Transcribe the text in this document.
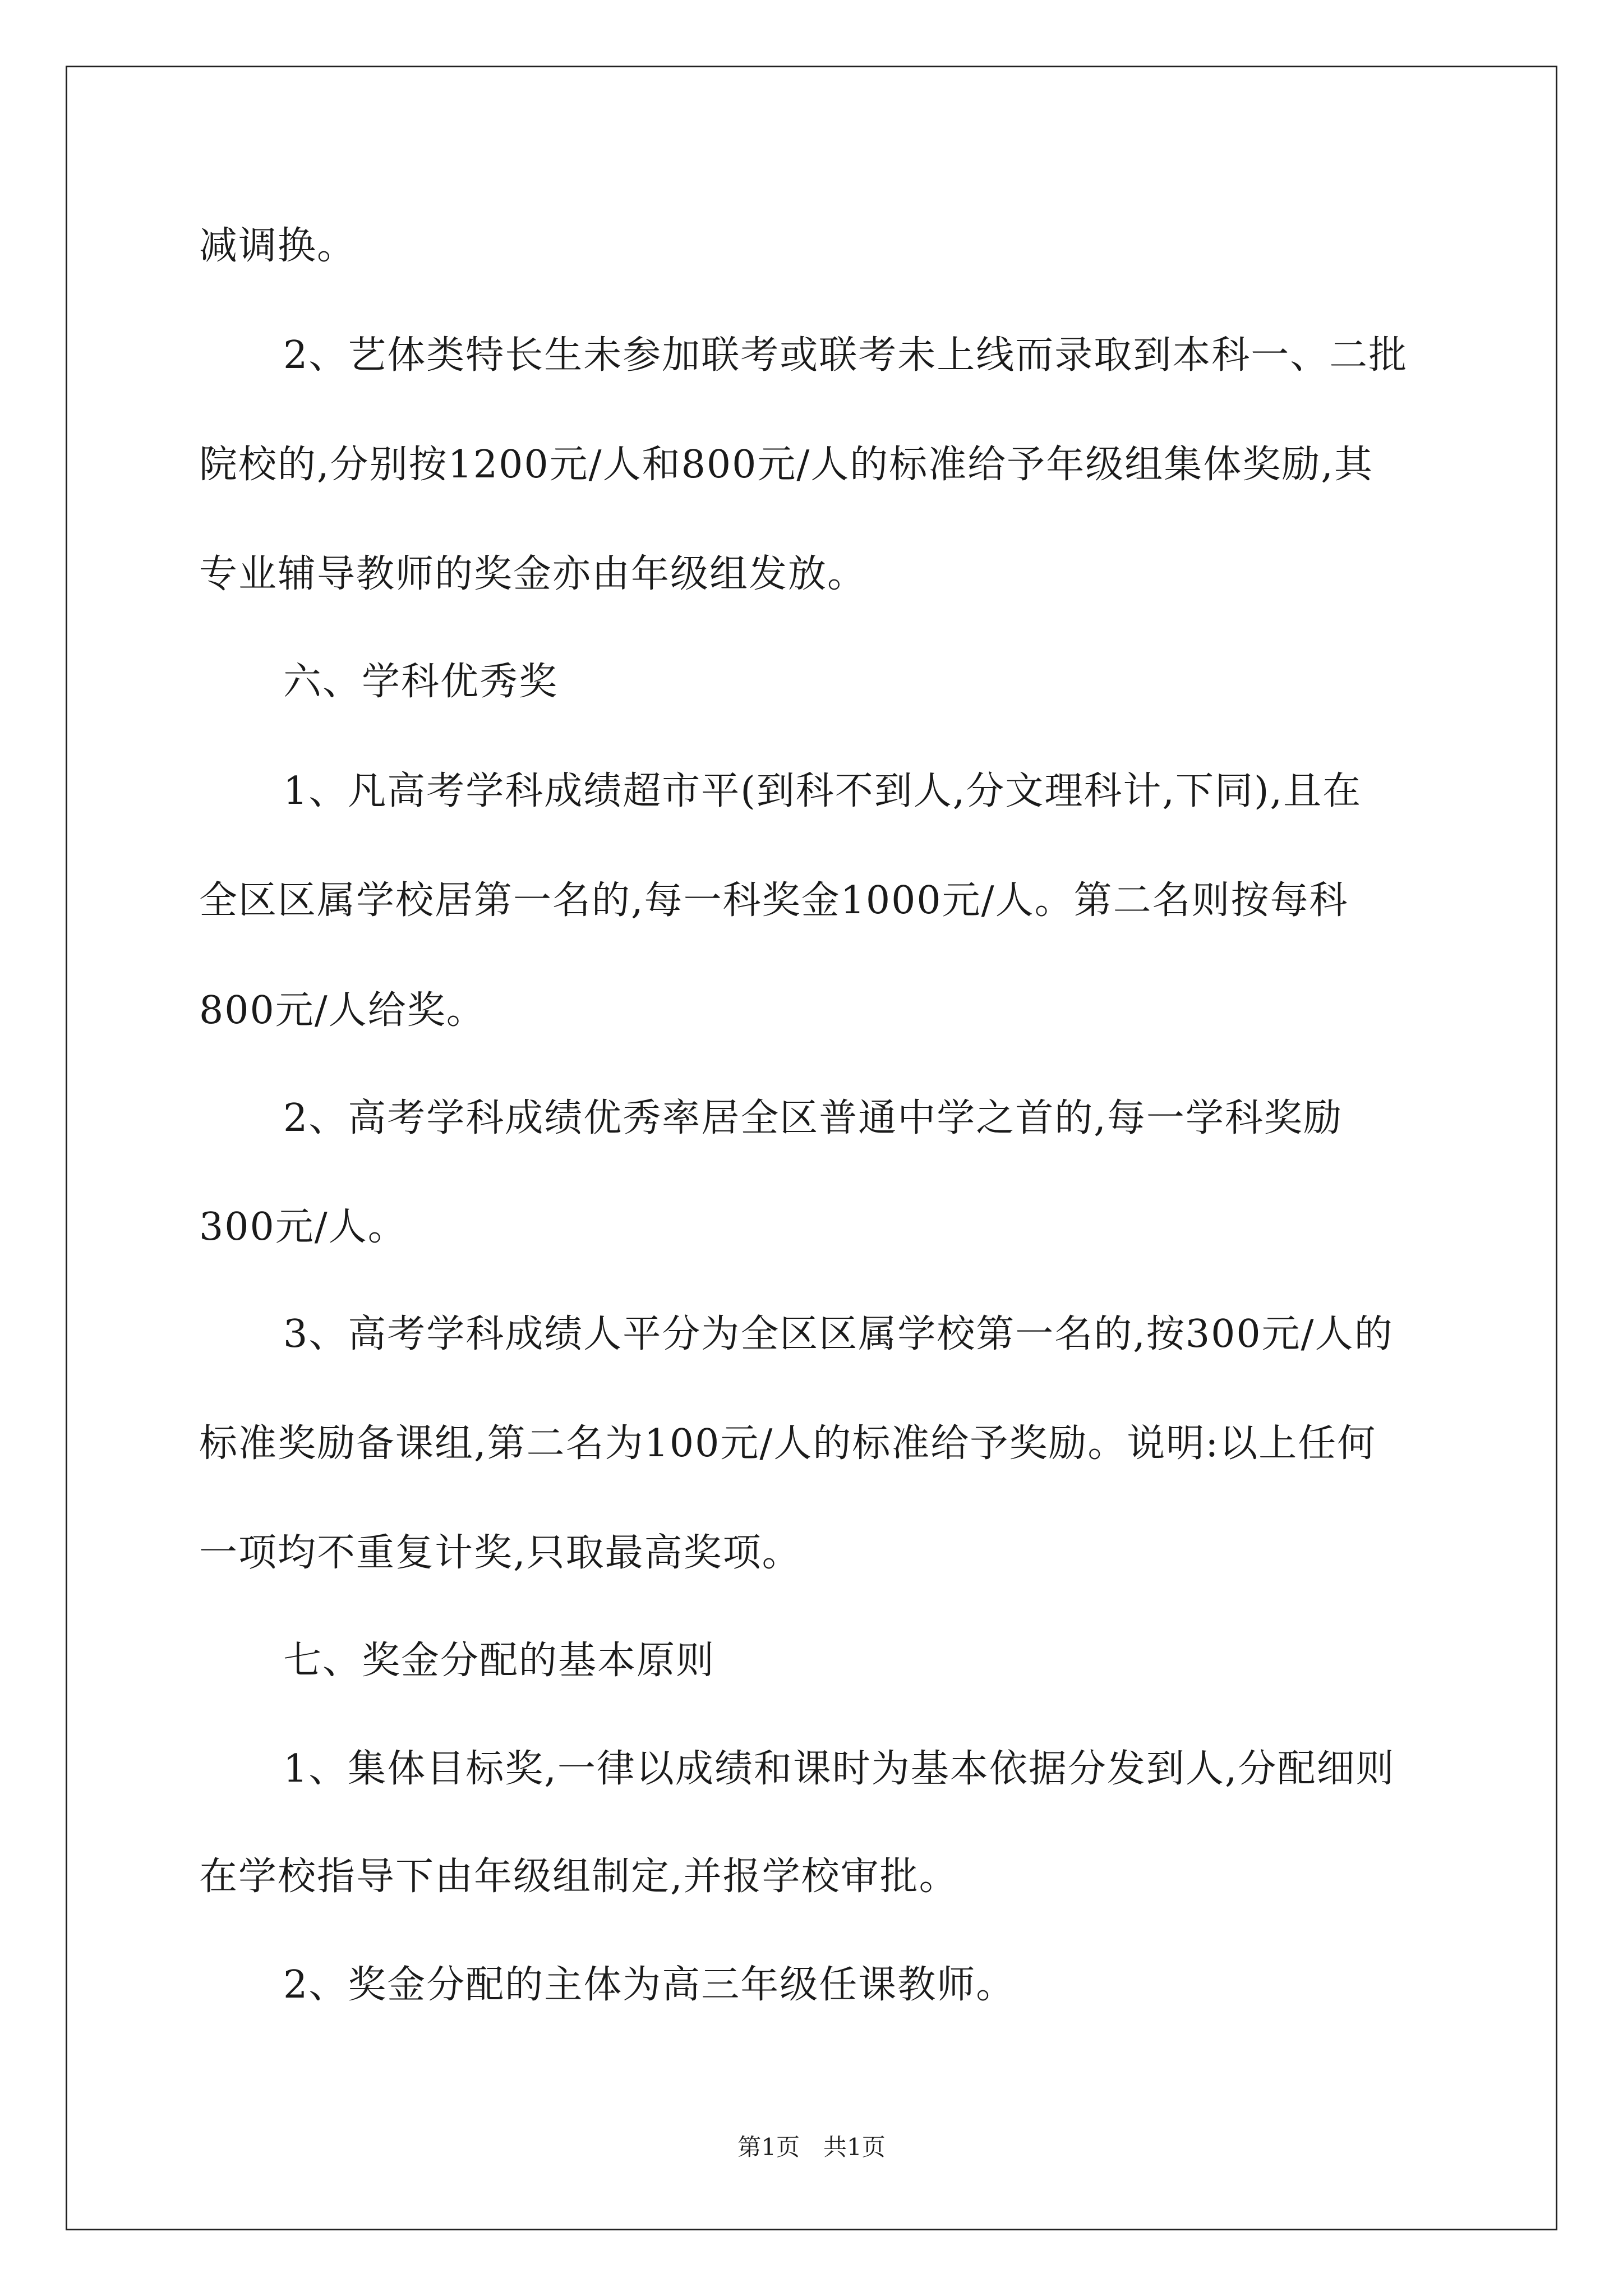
减调换。
2、艺体类特长生未参加联考或联考未上线而录取到本科一、二批
院校的,分别按1200元/人和800元/人的标准给予年级组集体奖励,其
专业辅导教师的奖金亦由年级组发放。
六、学科优秀奖
1、凡高考学科成绩超市平(到科不到人,分文理科计,下同),且在
全区区属学校居第一名的,每一科奖金1000元/人。第二名则按每科
800元/人给奖。
2、高考学科成绩优秀率居全区普通中学之首的,每一学科奖励
300元/人。
3、高考学科成绩人平分为全区区属学校第一名的,按300元/人的
标准奖励备课组,第二名为100元/人的标准给予奖励。说明:以上任何
一项均不重复计奖,只取最高奖项。
七、奖金分配的基本原则
1、集体目标奖,一律以成绩和课时为基本依据分发到人,分配细则
在学校指导下由年级组制定,并报学校审批。
2、奖金分配的主体为高三年级任课教师。
第1页　共1页
